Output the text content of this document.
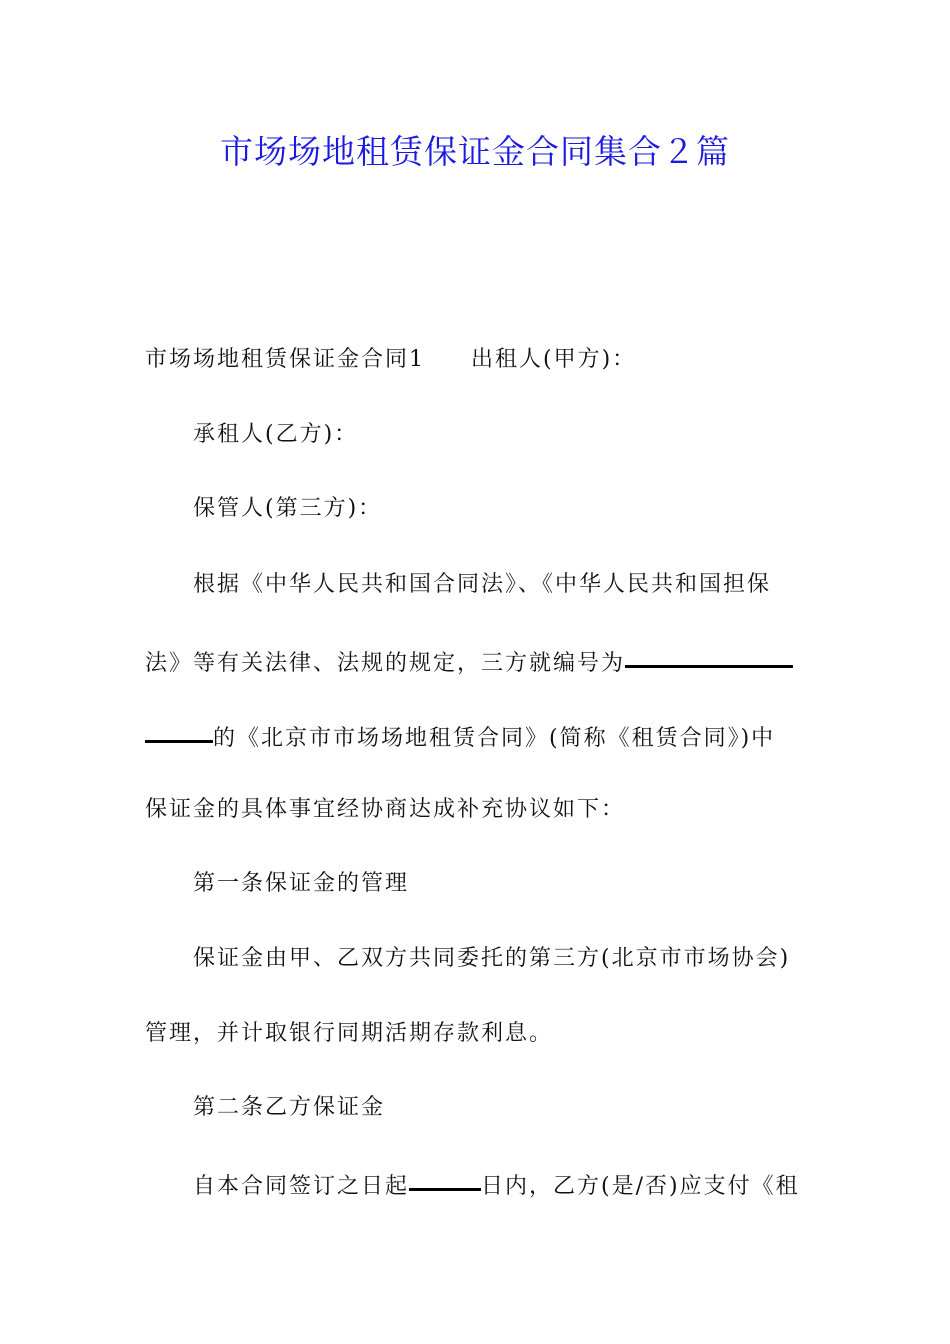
市场场地租赁保证金合同集合２篇
市场场地租赁保证金合同1 出租人(甲方)：
承租人(乙方)：
保管人(第三方)：
根据《中华人民共和国合同法》、《中华人民共和国担保
法》等有关法律、法规的规定，三方就编号为
的《北京市市场场地租赁合同》(简称《租赁合同》)中
保证金的具体事宜经协商达成补充协议如下：
第一条保证金的管理
保证金由甲、乙双方共同委托的第三方(北京市市场协会)
管理，并计取银行同期活期存款利息。
第二条乙方保证金
自本合同签订之日起	日内，乙方(是/否)应支付《租
